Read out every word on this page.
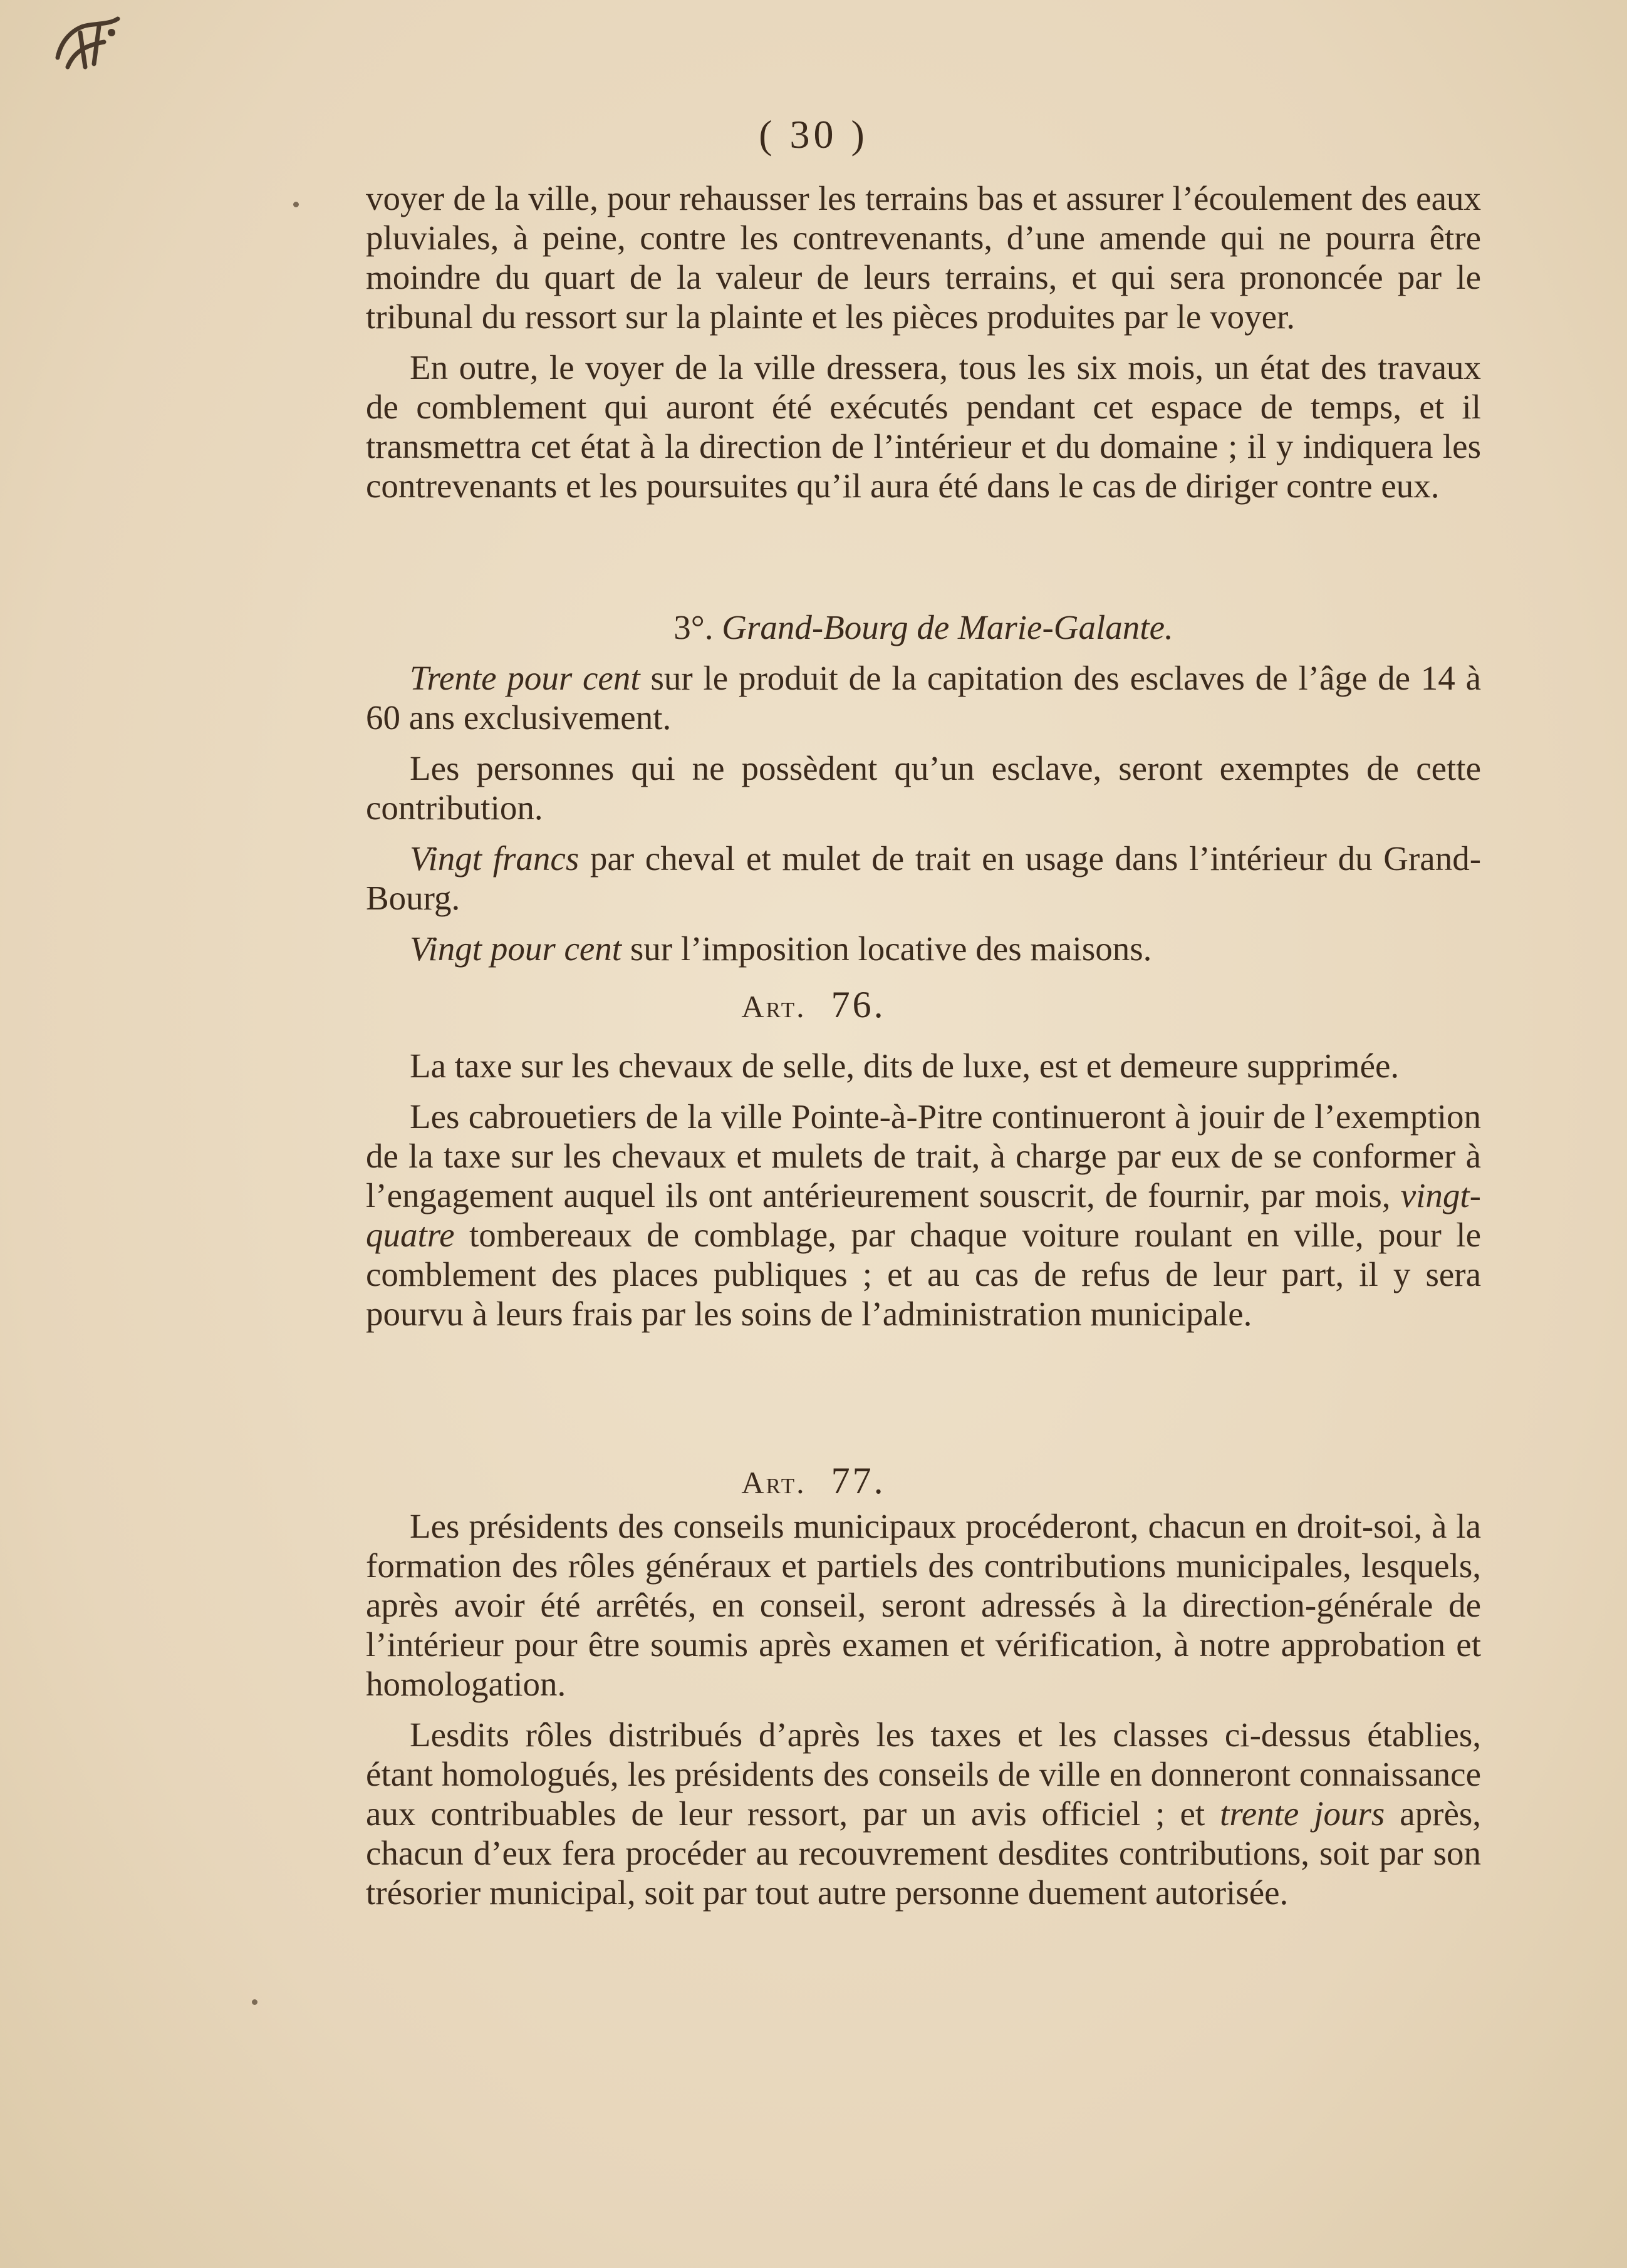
( 30 )

voyer de la ville, pour rehausser les terrains bas et assurer l’écoulement des eaux pluviales, à peine, contre les contrevenants, d’une amende qui ne pourra être moindre du quart de la valeur de leurs terrains, et qui sera prononcée par le tribunal du ressort sur la plainte et les pièces produites par le voyer.

En outre, le voyer de la ville dressera, tous les six mois, un état des travaux de comblement qui auront été exécutés pendant cet espace de temps, et il transmettra cet état à la direction de l’intérieur et du domaine ; il y indiquera les contrevenants et les poursuites qu’il aura été dans le cas de diriger contre eux.

3°. Grand-Bourg de Marie-Galante.

Trente pour cent sur le produit de la capitation des esclaves de l’âge de 14 à 60 ans exclusivement.

Les personnes qui ne possèdent qu’un esclave, seront exemptes de cette contribution.

Vingt francs par cheval et mulet de trait en usage dans l’intérieur du Grand-Bourg.

Vingt pour cent sur l’imposition locative des maisons.

Art. 76.

La taxe sur les chevaux de selle, dits de luxe, est et demeure supprimée.

Les cabrouetiers de la ville Pointe-à-Pitre continueront à jouir de l’exemption de la taxe sur les chevaux et mulets de trait, à charge par eux de se conformer à l’engagement auquel ils ont antérieurement souscrit, de fournir, par mois, vingt-quatre tombereaux de comblage, par chaque voiture roulant en ville, pour le comblement des places publiques ; et au cas de refus de leur part, il y sera pourvu à leurs frais par les soins de l’administration municipale.

Art. 77.

Les présidents des conseils municipaux procéderont, chacun en droit-soi, à la formation des rôles généraux et partiels des contributions municipales, lesquels, après avoir été arrêtés, en conseil, seront adressés à la direction-générale de l’intérieur pour être soumis après examen et vérification, à notre approbation et homologation.

Lesdits rôles distribués d’après les taxes et les classes ci-dessus établies, étant homologués, les présidents des conseils de ville en donneront connaissance aux contribuables de leur ressort, par un avis officiel ; et trente jours après, chacun d’eux fera procéder au recouvrement desdites contributions, soit par son trésorier municipal, soit par tout autre personne duement autorisée.
